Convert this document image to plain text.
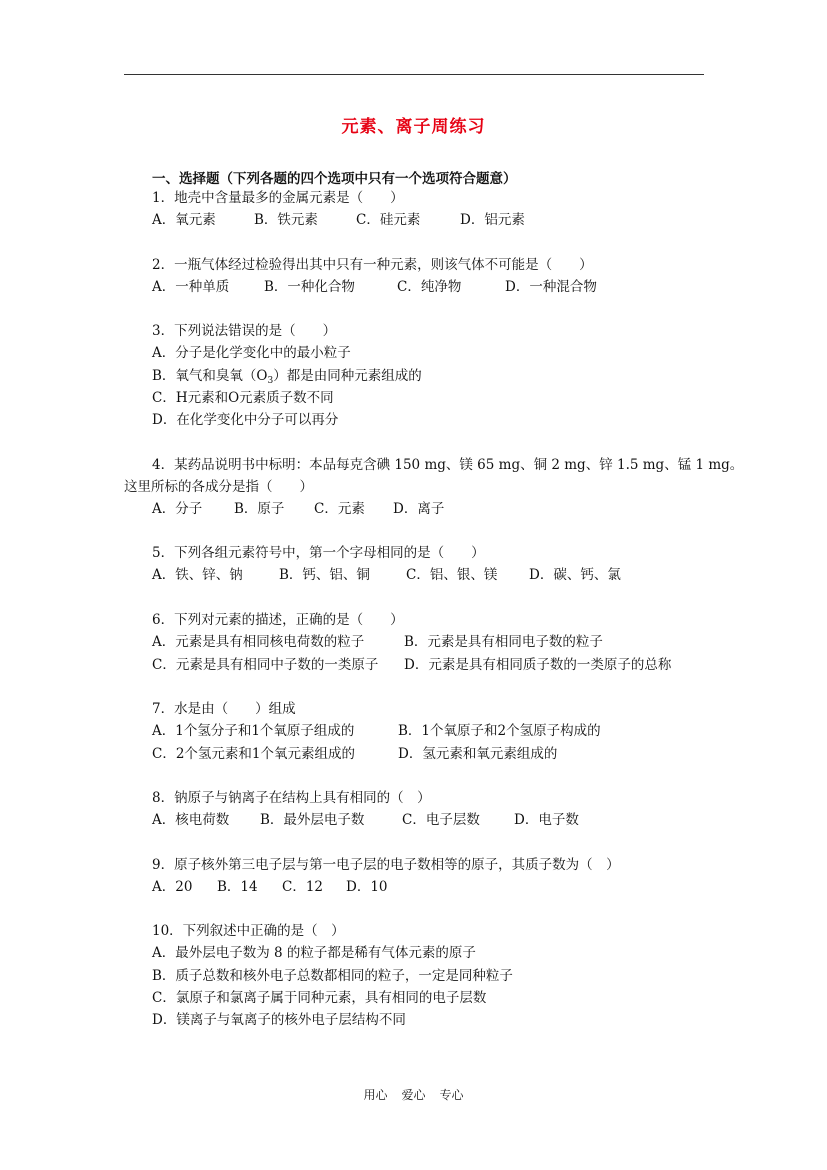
元素、离子周练习
一、选择题（下列各题的四个选项中只有一个选项符合题意）
1．地壳中含量最多的金属元素是（　　）
A．氧元素	B．铁元素	C．硅元素	D．铝元素
2．一瓶气体经过检验得出其中只有一种元素，则该气体不可能是（　　）
A．一种单质	B．一种化合物	C．纯净物	D．一种混合物
3．下列说法错误的是（　　）
A．分子是化学变化中的最小粒子
B．氧气和臭氧$(O_3)$都是由同种元素组成的
C．H元素和O元素质子数不同
D．在化学变化中分子可以再分
4．某药品说明书中标明：本品每克含碘 150 mg、镁 65 mg、铜 2 mg、锌 1.5 mg、锰 1 mg。
这里所标的各成分是指（　　）
A．分子 B．原子 C．元素 D．离子
5．下列各组元素符号中，第一个字母相同的是（　　）
A．铁、锌、钠	B．钙、铝、铜	C．铝、银、镁 D．碳、钙、氯
6．下列对元素的描述，正确的是（　　）
A．元素是具有相同核电荷数的粒子	B．元素是具有相同电子数的粒子
C．元素是具有相同中子数的一类原子 D．元素是具有相同质子数的一类原子的总称
7．水是由（　　）组成
A．1个氢分子和1个氧原子组成的	B．1个氧原子和2个氢原子构成的
C．2个氢元素和1个氧元素组成的	D．氢元素和氧元素组成的
8．钠原子与钠离子在结构上具有相同的（　）
A．核电荷数 B．最外层电子数	C．电子层数	D．电子数
9．原子核外第三电子层与第一电子层的电子数相等的原子，其质子数为（　）
A．20 B．14 C．12 D．10
10．下列叙述中正确的是（　）
A．最外层电子数为 8 的粒子都是稀有气体元素的原子
B．质子总数和核外电子总数都相同的粒子，一定是同种粒子
C．氯原子和氯离子属于同种元素，具有相同的电子层数
D．镁离子与氧离子的核外电子层结构不同
用心 爱心 专心
